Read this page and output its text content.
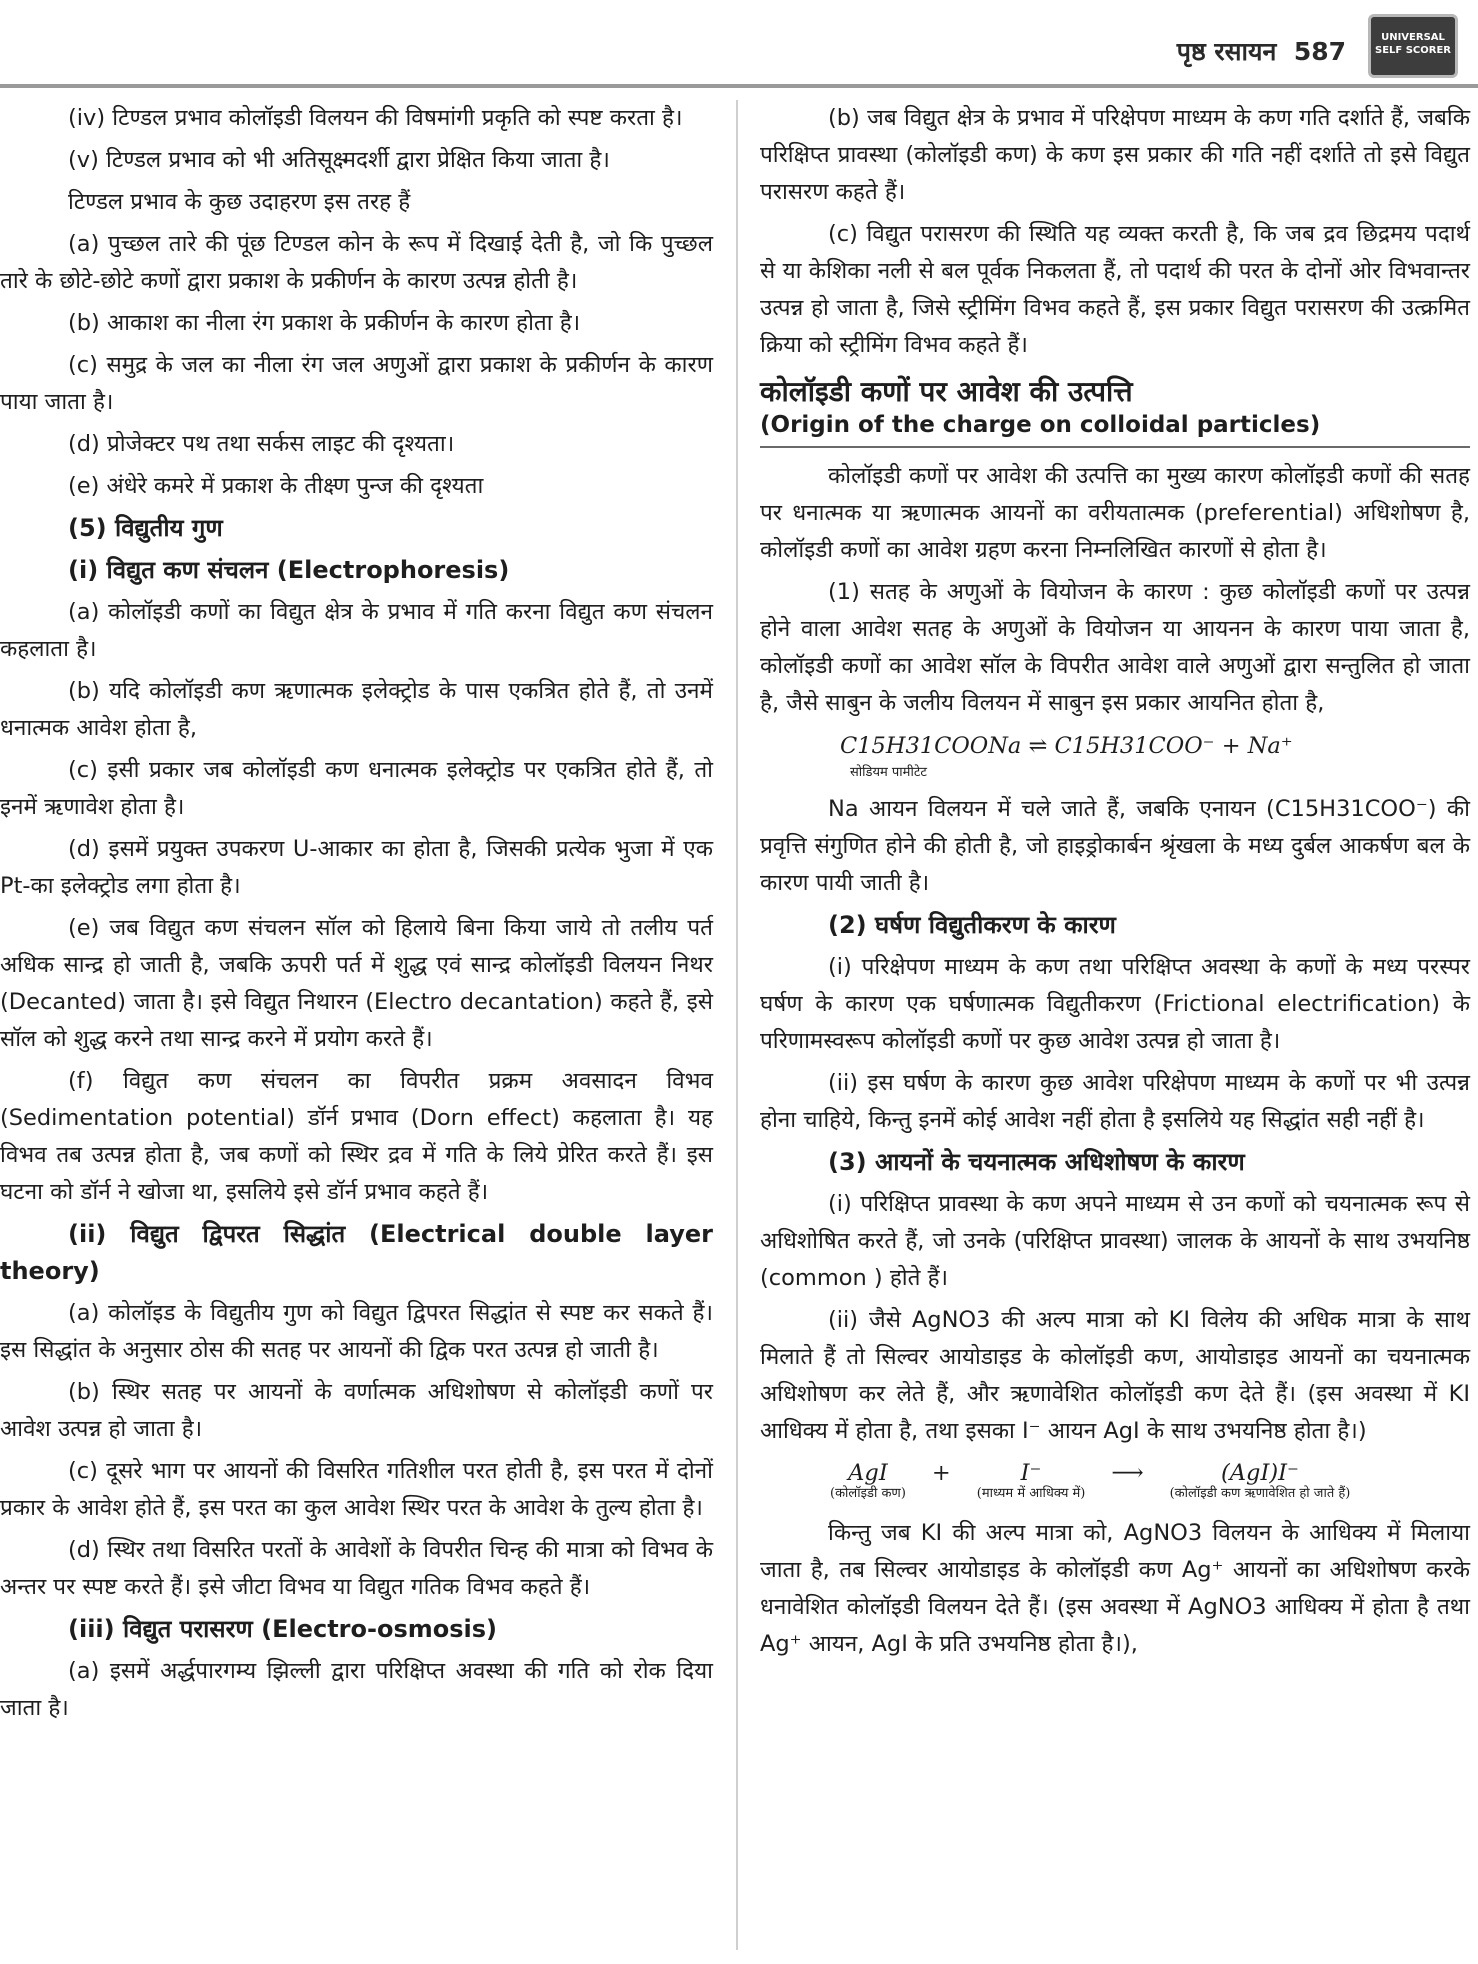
पृष्ठ रसायन 587	UNIVERSAL
SELF SCORER

(iv) टिण्डल प्रभाव कोलॉइडी विलयन की विषमांगी प्रकृति को स्पष्ट करता है।

(v) टिण्डल प्रभाव को भी अतिसूक्ष्मदर्शी द्वारा प्रेक्षित किया जाता है।

टिण्डल प्रभाव के कुछ उदाहरण इस तरह हैं

(a) पुच्छल तारे की पूंछ टिण्डल कोन के रूप में दिखाई देती है, जो कि पुच्छल तारे के छोटे-छोटे कणों द्वारा प्रकाश के प्रकीर्णन के कारण उत्पन्न होती है।

(b) आकाश का नीला रंग प्रकाश के प्रकीर्णन के कारण होता है।

(c) समुद्र के जल का नीला रंग जल अणुओं द्वारा प्रकाश के प्रकीर्णन के कारण पाया जाता है।

(d) प्रोजेक्टर पथ तथा सर्कस लाइट की दृश्यता।

(e) अंधेरे कमरे में प्रकाश के तीक्ष्ण पुन्ज की दृश्यता

(5) विद्युतीय गुण

(i) विद्युत कण संचलन (Electrophoresis)

(a) कोलॉइडी कणों का विद्युत क्षेत्र के प्रभाव में गति करना विद्युत कण संचलन कहलाता है।

(b) यदि कोलॉइडी कण ऋणात्मक इलेक्ट्रोड के पास एकत्रित होते हैं, तो उनमें धनात्मक आवेश होता है,

(c) इसी प्रकार जब कोलॉइडी कण धनात्मक इलेक्ट्रोड पर एकत्रित होते हैं, तो इनमें ऋणावेश होता है।

(d) इसमें प्रयुक्त उपकरण U-आकार का होता है, जिसकी प्रत्येक भुजा में एक Pt-का इलेक्ट्रोड लगा होता है।

(e) जब विद्युत कण संचलन सॉल को हिलाये बिना किया जाये तो तलीय पर्त अधिक सान्द्र हो जाती है, जबकि ऊपरी पर्त में शुद्ध एवं सान्द्र कोलॉइडी विलयन निथर (Decanted) जाता है। इसे विद्युत निथारन (Electro decantation) कहते हैं, इसे सॉल को शुद्ध करने तथा सान्द्र करने में प्रयोग करते हैं।

(f) विद्युत कण संचलन का विपरीत प्रक्रम अवसादन विभव (Sedimentation potential) डॉर्न प्रभाव (Dorn effect) कहलाता है। यह विभव तब उत्पन्न होता है, जब कणों को स्थिर द्रव में गति के लिये प्रेरित करते हैं। इस घटना को डॉर्न ने खोजा था, इसलिये इसे डॉर्न प्रभाव कहते हैं।

(ii) विद्युत द्विपरत सिद्धांत (Electrical double layer theory)

(a) कोलॉइड के विद्युतीय गुण को विद्युत द्विपरत सिद्धांत से स्पष्ट कर सकते हैं। इस सिद्धांत के अनुसार ठोस की सतह पर आयनों की द्विक परत उत्पन्न हो जाती है।

(b) स्थिर सतह पर आयनों के वर्णात्मक अधिशोषण से कोलॉइडी कणों पर आवेश उत्पन्न हो जाता है।

(c) दूसरे भाग पर आयनों की विसरित गतिशील परत होती है, इस परत में दोनों प्रकार के आवेश होते हैं, इस परत का कुल आवेश स्थिर परत के आवेश के तुल्य होता है।

(d) स्थिर तथा विसरित परतों के आवेशों के विपरीत चिन्ह की मात्रा को विभव के अन्तर पर स्पष्ट करते हैं। इसे जीटा विभव या विद्युत गतिक विभव कहते हैं।

(iii) विद्युत परासरण (Electro-osmosis)

(a) इसमें अर्द्धपारगम्य झिल्ली द्वारा परिक्षिप्त अवस्था की गति को रोक दिया जाता है।

(b) जब विद्युत क्षेत्र के प्रभाव में परिक्षेपण माध्यम के कण गति दर्शाते हैं, जबकि परिक्षिप्त प्रावस्था (कोलॉइडी कण) के कण इस प्रकार की गति नहीं दर्शाते तो इसे विद्युत परासरण कहते हैं।

(c) विद्युत परासरण की स्थिति यह व्यक्त करती है, कि जब द्रव छिद्रमय पदार्थ से या केशिका नली से बल पूर्वक निकलता हैं, तो पदार्थ की परत के दोनों ओर विभवान्तर उत्पन्न हो जाता है, जिसे स्ट्रीमिंग विभव कहते हैं, इस प्रकार विद्युत परासरण की उत्क्रमित क्रिया को स्ट्रीमिंग विभव कहते हैं।

कोलॉइडी कणों पर आवेश की उत्पत्ति
(Origin of the charge on colloidal particles)

कोलॉइडी कणों पर आवेश की उत्पत्ति का मुख्य कारण कोलॉइडी कणों की सतह पर धनात्मक या ऋणात्मक आयनों का वरीयतात्मक (preferential) अधिशोषण है, कोलॉइडी कणों का आवेश ग्रहण करना निम्नलिखित कारणों से होता है।

(1) सतह के अणुओं के वियोजन के कारण : कुछ कोलॉइडी कणों पर उत्पन्न होने वाला आवेश सतह के अणुओं के वियोजन या आयनन के कारण पाया जाता है, कोलॉइडी कणों का आवेश सॉल के विपरीत आवेश वाले अणुओं द्वारा सन्तुलित हो जाता है, जैसे साबुन के जलीय विलयन में साबुन इस प्रकार आयनित होता है,

C15H31COONa ⇌ C15H31COO⁻ + Na⁺
सोडियम पामीटेट

Na आयन विलयन में चले जाते हैं, जबकि एनायन (C15H31COO⁻) की प्रवृत्ति संगुणित होने की होती है, जो हाइड्रोकार्बन श्रृंखला के मध्य दुर्बल आकर्षण बल के कारण पायी जाती है।

(2) घर्षण विद्युतीकरण के कारण

(i) परिक्षेपण माध्यम के कण तथा परिक्षिप्त अवस्था के कणों के मध्य परस्पर घर्षण के कारण एक घर्षणात्मक विद्युतीकरण (Frictional electrification) के परिणामस्वरूप कोलॉइडी कणों पर कुछ आवेश उत्पन्न हो जाता है।

(ii) इस घर्षण के कारण कुछ आवेश परिक्षेपण माध्यम के कणों पर भी उत्पन्न होना चाहिये, किन्तु इनमें कोई आवेश नहीं होता है इसलिये यह सिद्धांत सही नहीं है।

(3) आयनों के चयनात्मक अधिशोषण के कारण

(i) परिक्षिप्त प्रावस्था के कण अपने माध्यम से उन कणों को चयनात्मक रूप से अधिशोषित करते हैं, जो उनके (परिक्षिप्त प्रावस्था) जालक के आयनों के साथ उभयनिष्ठ (common ) होते हैं।

(ii) जैसे AgNO3 की अल्प मात्रा को KI विलेय की अधिक मात्रा के साथ मिलाते हैं तो सिल्वर आयोडाइड के कोलॉइडी कण, आयोडाइड आयनों का चयनात्मक अधिशोषण कर लेते हैं, और ऋणावेशित कोलॉइडी कण देते हैं। (इस अवस्था में KI आधिक्य में होता है, तथा इसका I⁻ आयन AgI के साथ उभयनिष्ठ होता है।)

AgI
(कोलॉइडी कण)
+	I⁻
(माध्यम में आधिक्य में)
⟶	(AgI)I⁻
(कोलॉइडी कण ऋणावेशित हो जाते हैं)

किन्तु जब KI की अल्प मात्रा को, AgNO3 विलयन के आधिक्य में मिलाया जाता है, तब सिल्वर आयोडाइड के कोलॉइडी कण Ag⁺ आयनों का अधिशोषण करके धनावेशित कोलॉइडी विलयन देते हैं। (इस अवस्था में AgNO3 आधिक्य में होता है तथा Ag⁺ आयन, AgI के प्रति उभयनिष्ठ होता है।),
